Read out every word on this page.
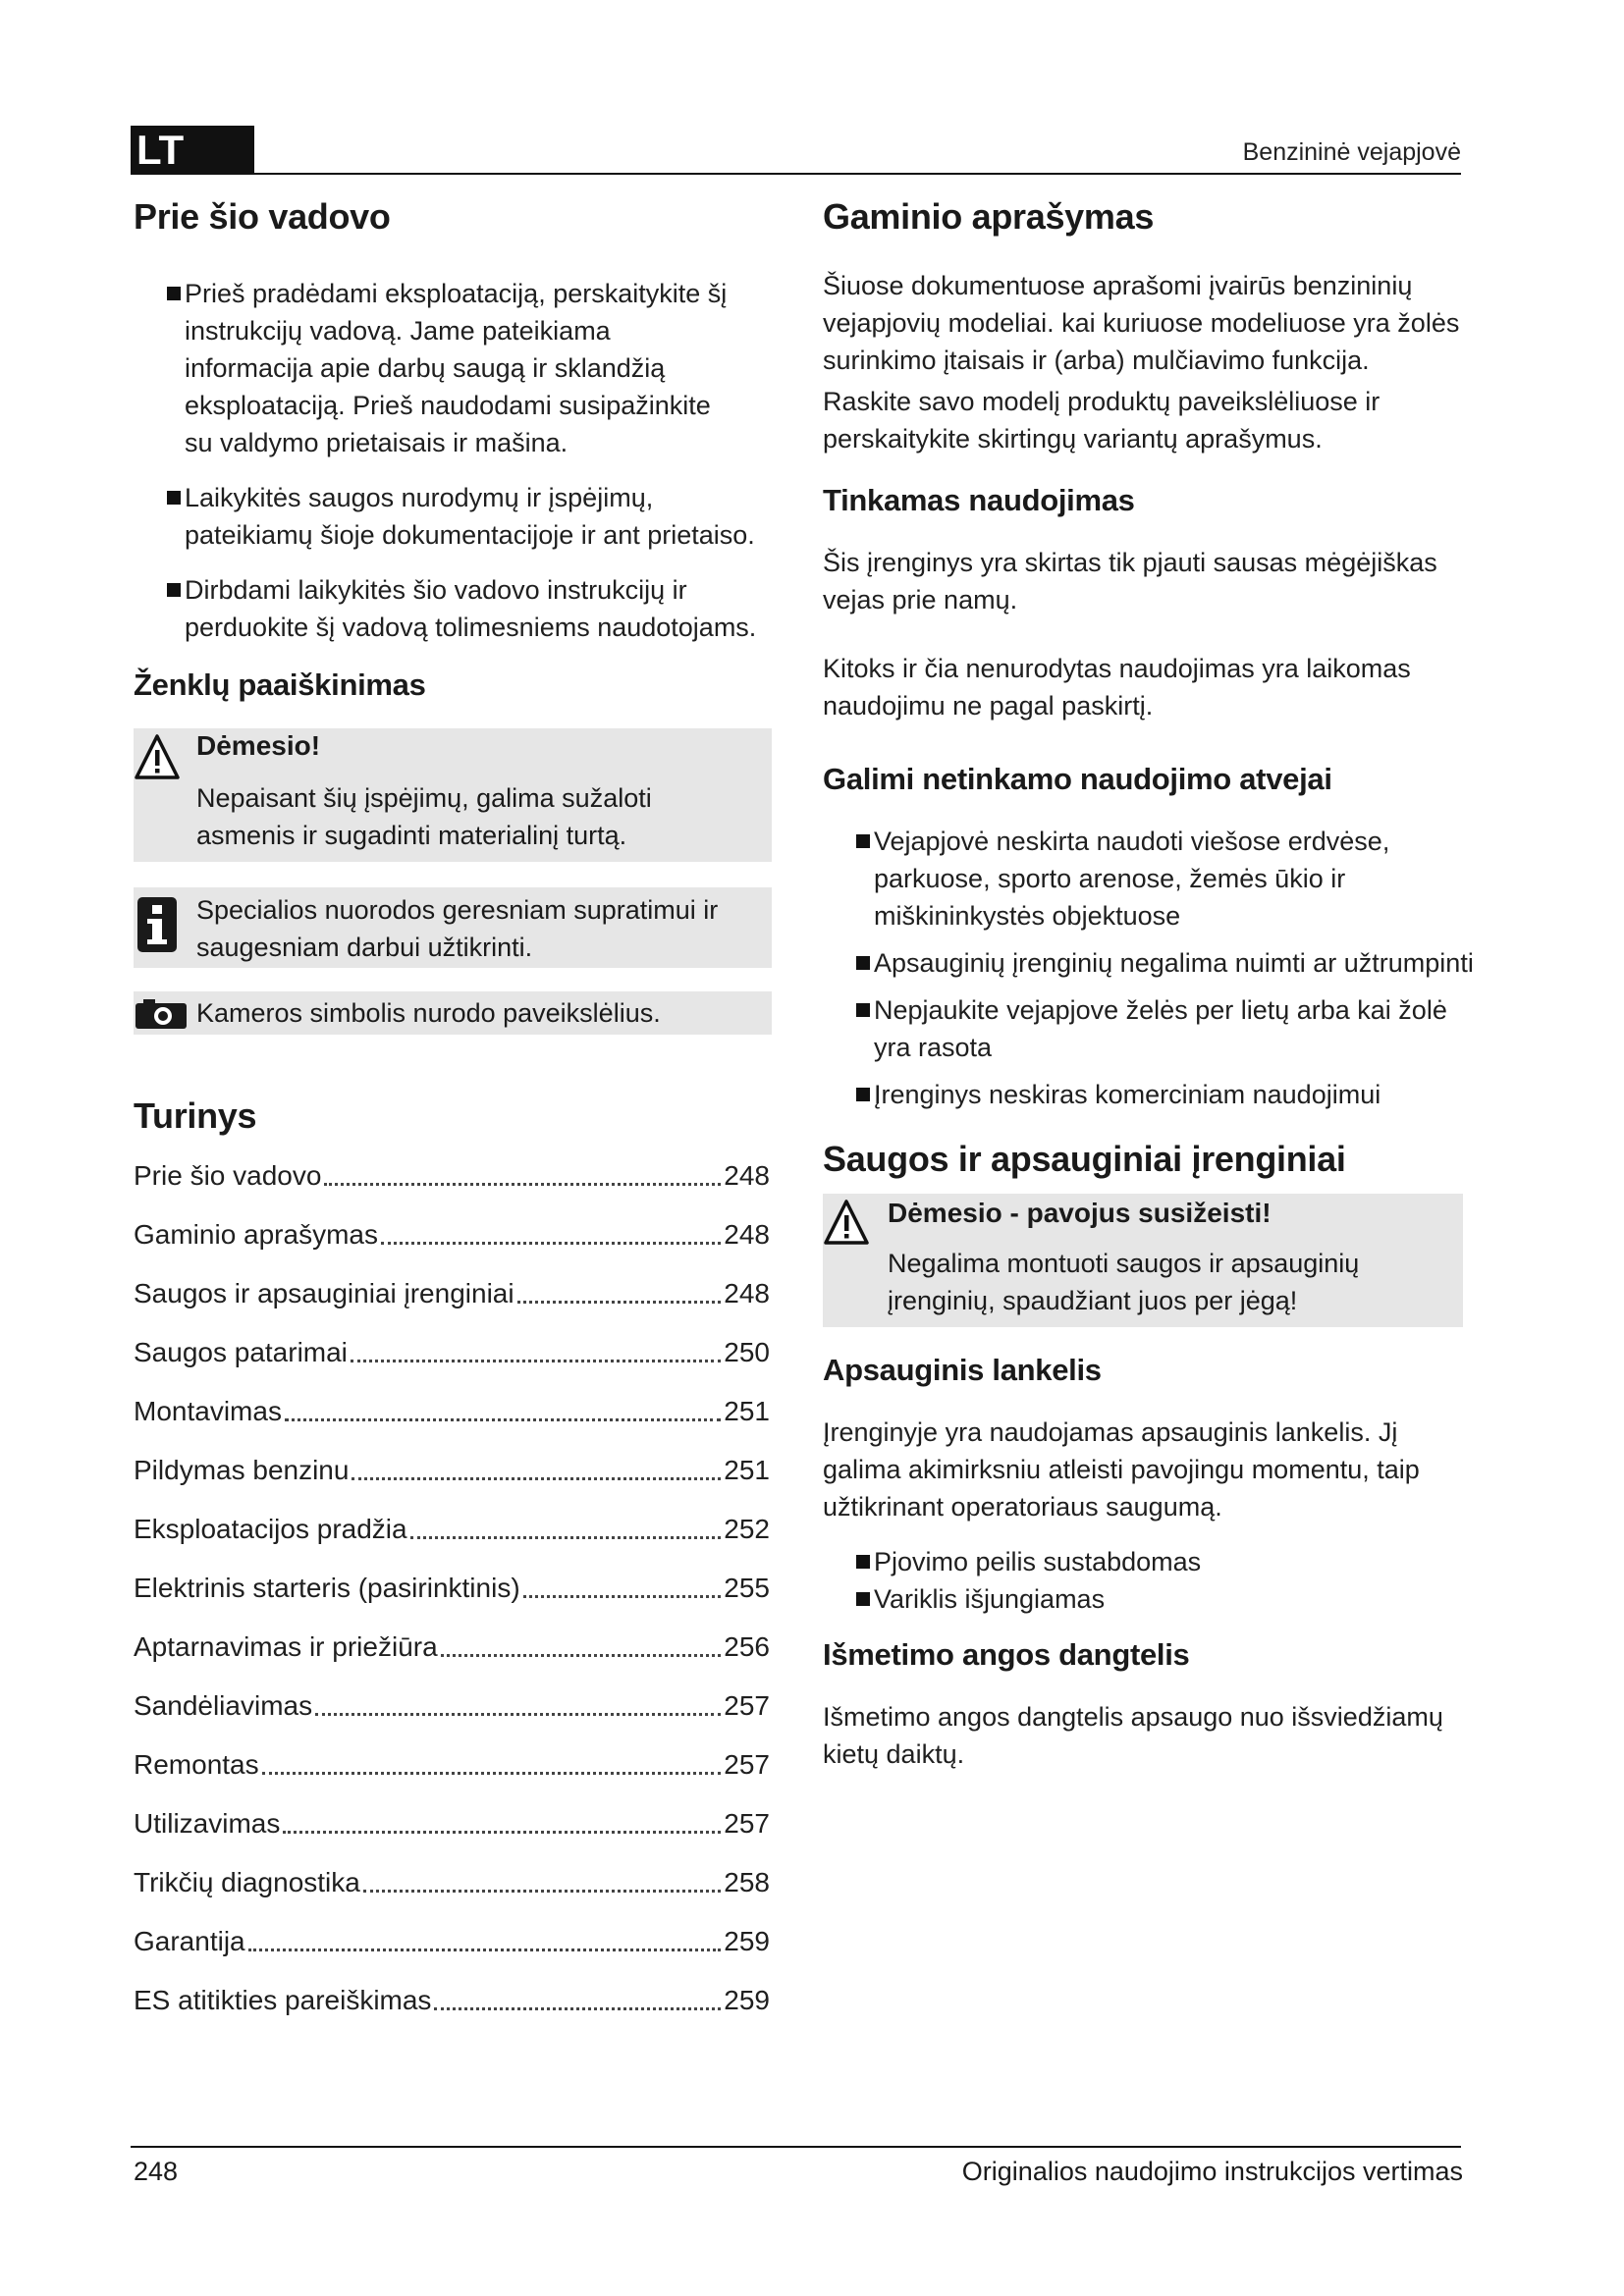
LT	Benzininė vejapjovė
Prie šio vadovo
Prieš pradėdami eksploataciją, perskaitykite šį instrukcijų vadovą. Jame pateikiama informacija apie darbų saugą ir sklandžią eksploataciją. Prieš naudodami susipažinkite su valdymo prietaisais ir mašina.
Laikykitės saugos nurodymų ir įspėjimų, pateikiamų šioje dokumentacijoje ir ant prietaiso.
Dirbdami laikykitės šio vadovo instrukcijų ir perduokite šį vadovą tolimesniems naudotojams.
Ženklų paaiškinimas
Dėmesio!
Nepaisant šių įspėjimų, galima sužaloti asmenis ir sugadinti materialinį turtą.
Specialios nuorodos geresniam supratimui ir saugesniam darbui užtikrinti.
Kameros simbolis nurodo paveikslėlius.
Turinys
Prie šio vadovo	248
Gaminio aprašymas	248
Saugos ir apsauginiai įrenginiai	248
Saugos patarimai	250
Montavimas	251
Pildymas benzinu	251
Eksploatacijos pradžia	252
Elektrinis starteris (pasirinktinis)	255
Aptarnavimas ir priežiūra	256
Sandėliavimas	257
Remontas	257
Utilizavimas	257
Trikčių diagnostika	258
Garantija	259
ES atitikties pareiškimas	259
Gaminio aprašymas

Šiuose dokumentuose aprašomi įvairūs benzininių vejapjovių modeliai. kai kuriuose modeliuose yra žolės surinkimo įtaisais ir (arba) mulčiavimo funkcija.

Raskite savo modelį produktų paveikslėliuose ir perskaitykite skirtingų variantų aprašymus.

Tinkamas naudojimas

Šis įrenginys yra skirtas tik pjauti sausas mėgėjiškas vejas prie namų.

Kitoks ir čia nenurodytas naudojimas yra laikomas naudojimu ne pagal paskirtį.

Galimi netinkamo naudojimo atvejai
Vejapjovė neskirta naudoti viešose erdvėse, parkuose, sporto arenose, žemės ūkio ir miškininkystės objektuose
Apsauginių įrenginių negalima nuimti ar užtrumpinti
Nepjaukite vejapjove želės per lietų arba kai žolė yra rasota
Įrenginys neskiras komerciniam naudojimui
Saugos ir apsauginiai įrenginiai
Dėmesio - pavojus susižeisti!
Negalima montuoti saugos ir apsauginių įrenginių, spaudžiant juos per jėgą!
Apsauginis lankelis

Įrenginyje yra naudojamas apsauginis lankelis. Jį galima akimirksniu atleisti pavojingu momentu, taip užtikrinant operatoriaus saugumą.

Pjovimo peilis sustabdomas
Variklis išjungiamas
Išmetimo angos dangtelis

Išmetimo angos dangtelis apsaugo nuo išsviedžiamų kietų daiktų.

248	Originalios naudojimo instrukcijos vertimas
